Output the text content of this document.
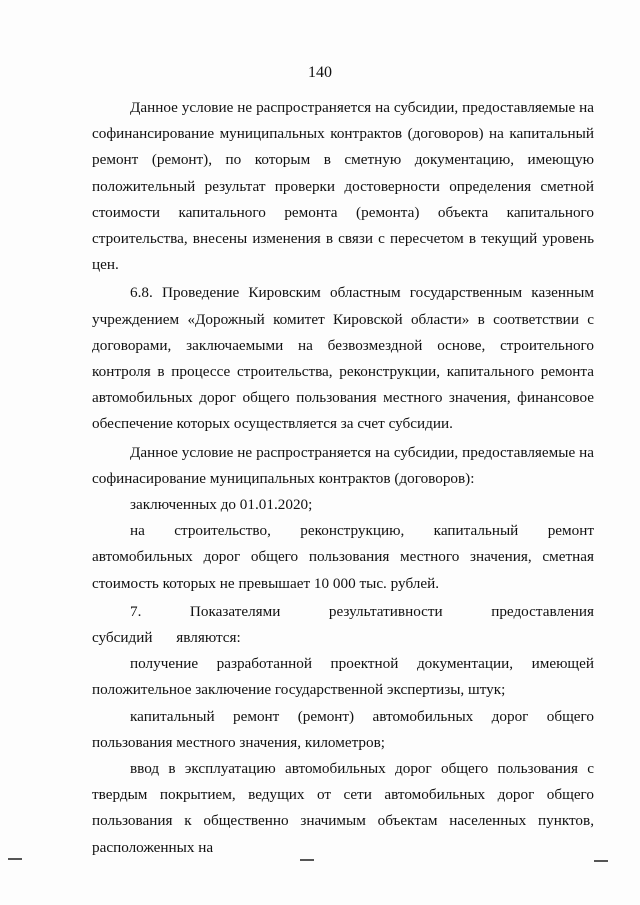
140

Данное условие не распространяется на субсидии, предоставляемые на софинансирование муниципальных контрактов (договоров) на капитальный ремонт (ремонт), по которым в сметную документацию, имеющую положительный результат проверки достоверности определения сметной стоимости капитального ремонта (ремонта) объекта капитального строительства, внесены изменения в связи с пересчетом в текущий уровень цен.

6.8. Проведение Кировским областным государственным казенным учреждением «Дорожный комитет Кировской области» в соответствии с договорами, заключаемыми на безвозмездной основе, строительного контроля в процессе строительства, реконструкции, капитального ремонта автомобильных дорог общего пользования местного значения, финансовое обеспечение которых осуществляется за счет субсидии.

Данное условие не распространяется на субсидии, предоставляемые на софинасирование муниципальных контрактов (договоров):

заключенных до 01.01.2020;

на строительство, реконструкцию, капитальный ремонт автомобильных дорог общего пользования местного значения, сметная стоимость которых не превышает 10 000 тыс. рублей.

7. Показателями результативности предоставления субсидий являются:

получение разработанной проектной документации, имеющей положительное заключение государственной экспертизы, штук;

капитальный ремонт (ремонт) автомобильных дорог общего пользования местного значения, километров;

ввод в эксплуатацию автомобильных дорог общего пользования с твердым покрытием, ведущих от сети автомобильных дорог общего пользования к общественно значимым объектам населенных пунктов, расположенных на
